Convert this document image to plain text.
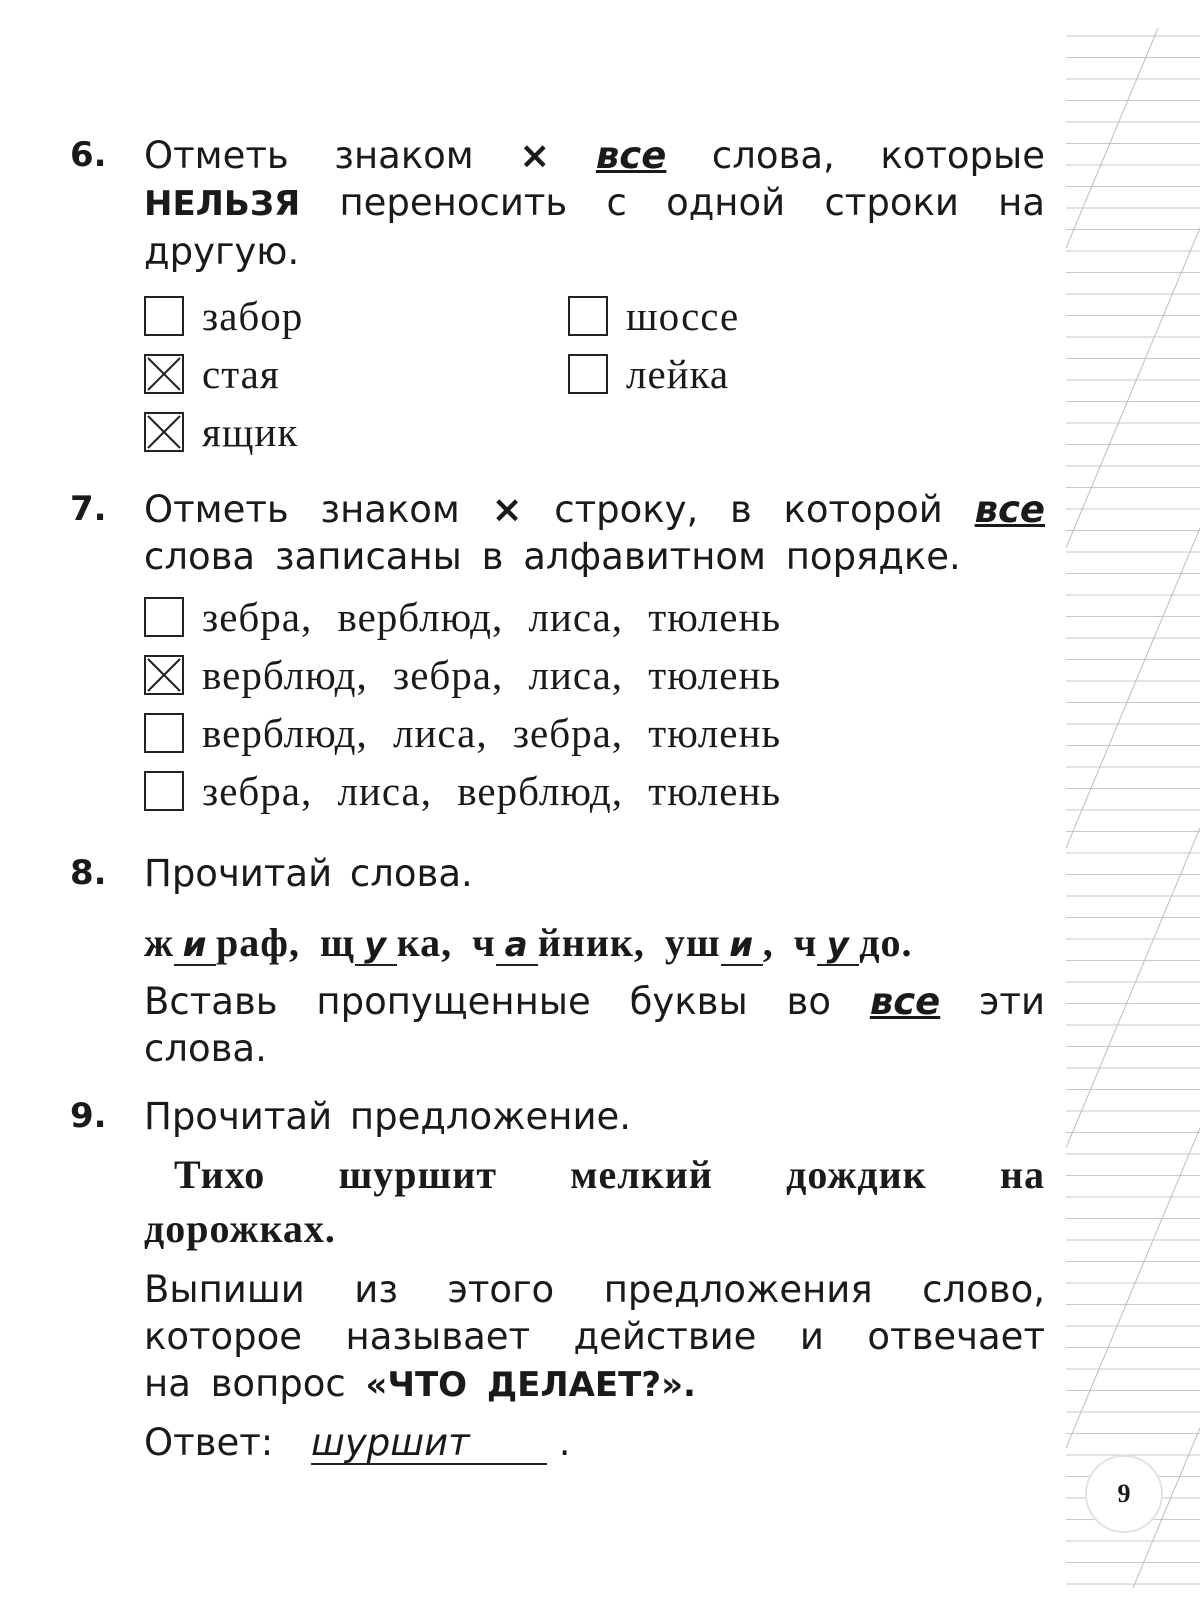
6. Отметь знаком × все слова, которые
НЕЛЬЗЯ переносить с одной строки на
другую.
забор	шоссе
стая	лейка
ящик
7. Отметь знаком × строку, в которой все
слова записаны в алфавитном порядке.
зебра, верблюд, лиса, тюлень
верблюд, зебра, лиса, тюлень
верблюд, лиса, зебра, тюлень
зебра, лиса, верблюд, тюлень
8. Прочитай слова.
ж и раф, щ у ка, ч а йник, уш и , ч у до.
Вставь пропущенные буквы во все эти
слова.
9. Прочитай предложение.
Тихо шуршит мелкий дождик на
дорожках.
Выпиши из этого предложения слово,
которое называет действие и отвечает
на вопрос «ЧТО ДЕЛАЕТ?».
Ответ: шуршит .
9
